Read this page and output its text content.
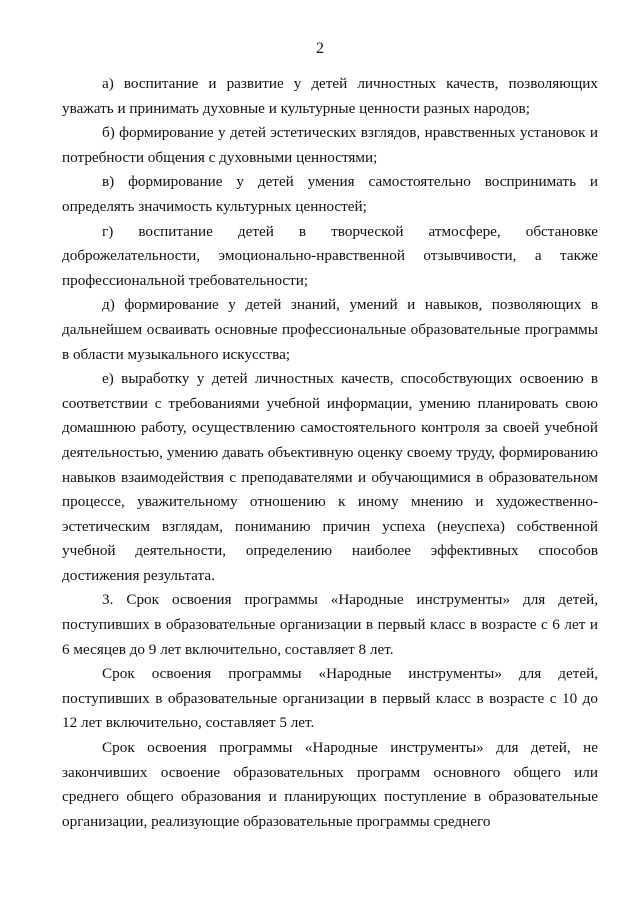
2

а) воспитание и развитие у детей личностных качеств, позволяющих уважать и принимать духовные и культурные ценности разных народов;

б) формирование у детей эстетических взглядов, нравственных установок и потребности общения с духовными ценностями;

в) формирование у детей умения самостоятельно воспринимать и определять значимость культурных ценностей;

г) воспитание детей в творческой атмосфере, обстановке доброжелательности, эмоционально-нравственной отзывчивости, а также профессиональной требовательности;

д) формирование у детей знаний, умений и навыков, позволяющих в дальнейшем осваивать основные профессиональные образовательные программы в области музыкального искусства;

е) выработку у детей личностных качеств, способствующих освоению в соответствии с требованиями учебной информации, умению планировать свою домашнюю работу, осуществлению самостоятельного контроля за своей учебной деятельностью, умению давать объективную оценку своему труду, формированию навыков взаимодействия с преподавателями и обучающимися в образовательном процессе, уважительному отношению к иному мнению и художественно-эстетическим взглядам, пониманию причин успеха (неуспеха) собственной учебной деятельности, определению наиболее эффективных способов достижения результата.

3. Срок освоения программы «Народные инструменты» для детей, поступивших в образовательные организации в первый класс в возрасте с 6 лет и 6 месяцев до 9 лет включительно, составляет 8 лет.

Срок освоения программы «Народные инструменты» для детей, поступивших в образовательные организации в первый класс в возрасте с 10 до 12 лет включительно, составляет 5 лет.

Срок освоения программы «Народные инструменты» для детей, не закончивших освоение образовательных программ основного общего или среднего общего образования и планирующих поступление в образовательные организации, реализующие образовательные программы среднего
